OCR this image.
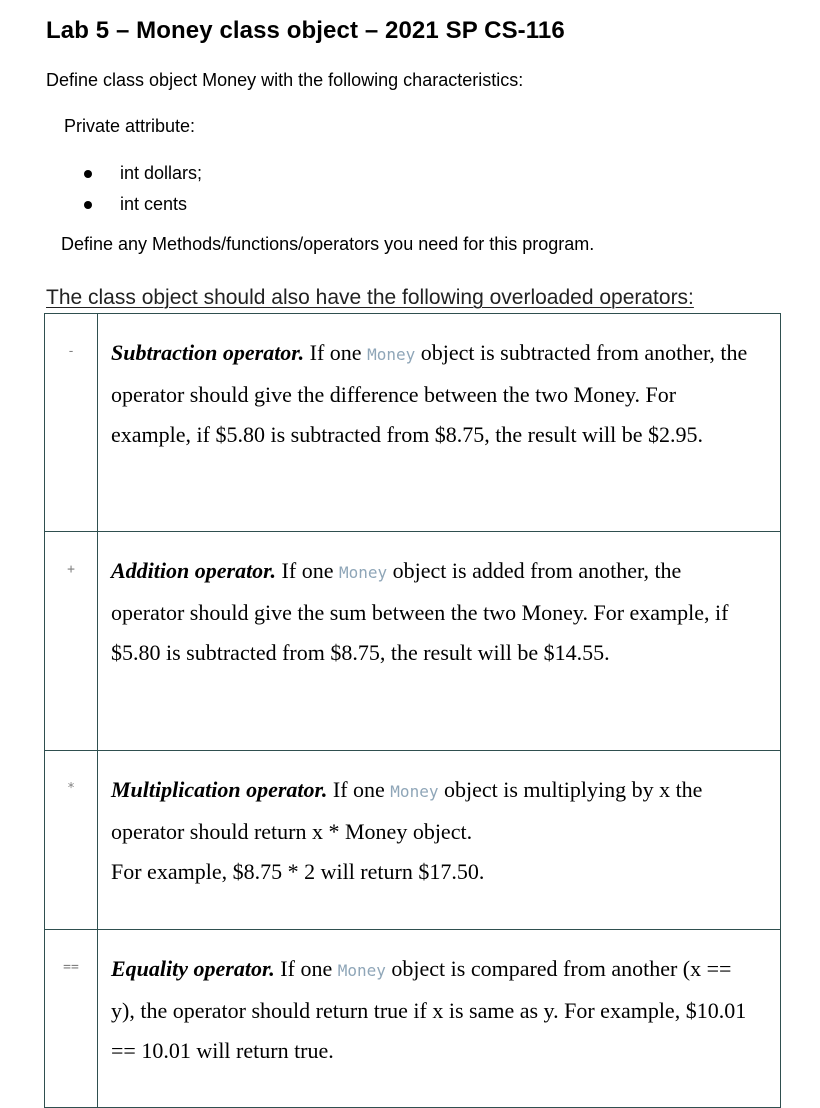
Lab 5 – Money class object – 2021 SP CS-116

Define class object Money with the following characteristics:

Private attribute:

int dollars;
int cents

Define any Methods/functions/operators you need for this program.

The class object should also have the following overloaded operators:

-	Subtraction operator. If one Money object is subtracted from another, the operator should give the difference between the two Money. For example, if $5.80 is subtracted from $8.75, the result will be $2.95.
+	Addition operator. If one Money object is added from another, the operator should give the sum between the two Money. For example, if $5.80 is subtracted from $8.75, the result will be $14.55.
*	Multiplication operator. If one Money object is multiplying by x the operator should return x * Money object.
For example, $8.75 * 2 will return $17.50.
==	Equality operator. If one Money object is compared from another (x == y), the operator should return true if x is same as y. For example, $10.01 == 10.01 will return true.
